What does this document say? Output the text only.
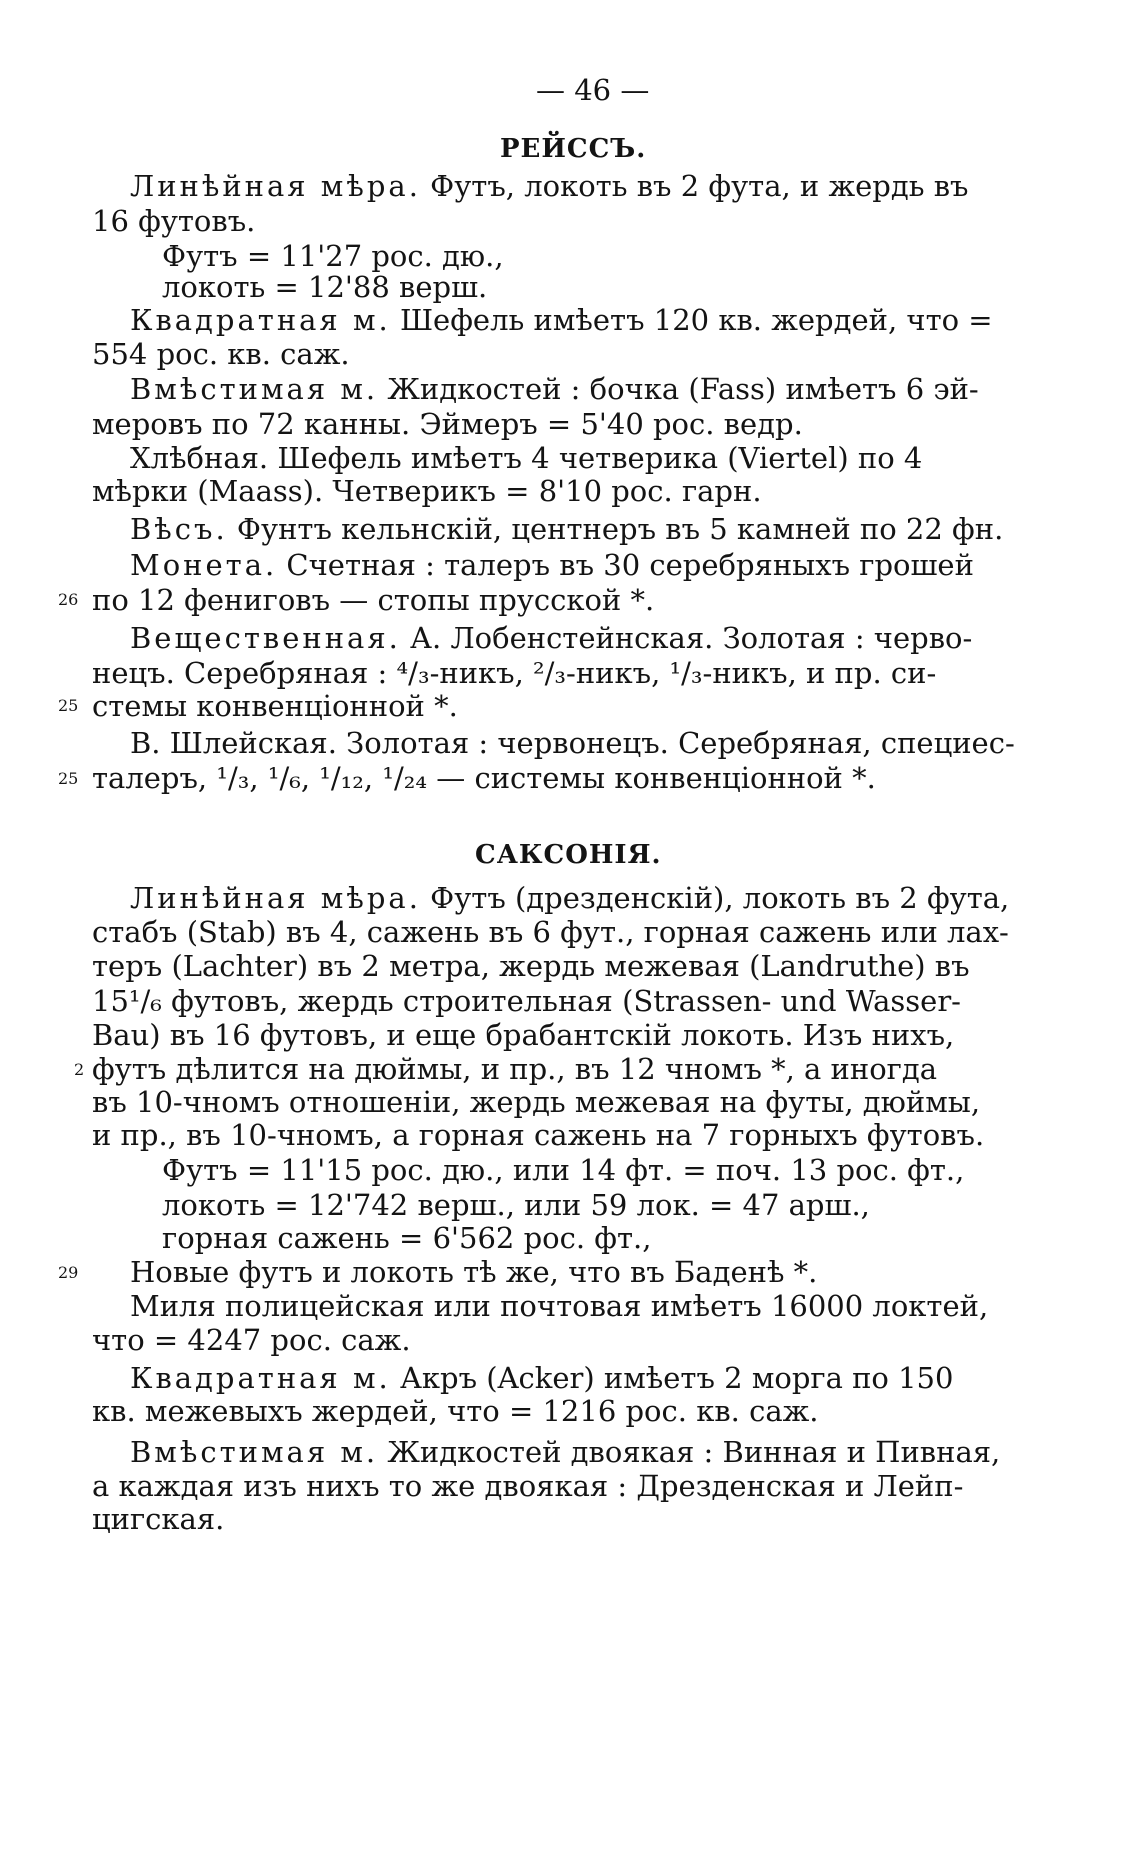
— 46 —
РЕЙССЪ.
Линѣйная мѣра. Футъ, локоть въ 2 фута, и жердь въ
16 футовъ.
Футъ = 11'27 рос. дю.,
локоть = 12'88 верш.
Квадратная м. Шефель имѣетъ 120 кв. жердей, что =
554 рос. кв. саж.
Вмѣстимая м. Жидкостей : бочка (Fass) имѣетъ 6 эй-
меровъ по 72 канны. Эймеръ = 5'40 рос. ведр.
Хлѣбная. Шефель имѣетъ 4 четверика (Viertel) по 4
мѣрки (Maass). Четверикъ = 8'10 рос. гарн.
Вѣсъ. Фунтъ кельнскій, центнеръ въ 5 камней по 22 фн.
Монета. Счетная : талеръ въ 30 серебряныхъ грошей
по 12 фениговъ — стопы прусской *.
Вещественная. А. Лобенстейнская. Золотая : черво-
нецъ. Серебряная : ⁴/₃-никъ, ²/₃-никъ, ¹/₃-никъ, и пр. си-
стемы конвенціонной *.
B. Шлейская. Золотая : червонецъ. Серебряная, специес-
талеръ, ¹/₃, ¹/₆, ¹/₁₂, ¹/₂₄ — системы конвенціонной *.
САКСОНІЯ.
Линѣйная мѣра. Футъ (дрезденскій), локоть въ 2 фута,
стабъ (Stab) въ 4, сажень въ 6 фут., горная сажень или лах-
теръ (Lachter) въ 2 метра, жердь межевая (Landruthe) въ
15¹/₆ футовъ, жердь строительная (Strassen- und Wasser-
Bau) въ 16 футовъ, и еще брабантскій локоть. Изъ нихъ,
футъ дѣлится на дюймы, и пр., въ 12 чномъ *, а иногда
въ 10-чномъ отношеніи, жердь межевая на футы, дюймы,
и пр., въ 10-чномъ, а горная сажень на 7 горныхъ футовъ.
Футъ = 11'15 рос. дю., или 14 фт. = поч. 13 рос. фт.,
локоть = 12'742 верш., или 59 лок. = 47 арш.,
горная сажень = 6'562 рос. фт.,
Новые футъ и локоть тѣ же, что въ Баденѣ *.
Миля полицейская или почтовая имѣетъ 16000 локтей,
что = 4247 рос. саж.
Квадратная м. Акръ (Acker) имѣетъ 2 морга по 150
кв. межевыхъ жердей, что = 1216 рос. кв. саж.
Вмѣстимая м. Жидкостей двоякая : Винная и Пивная,
а каждая изъ нихъ то же двоякая : Дрезденская и Лейп-
цигская.
26
25
25
2
29
